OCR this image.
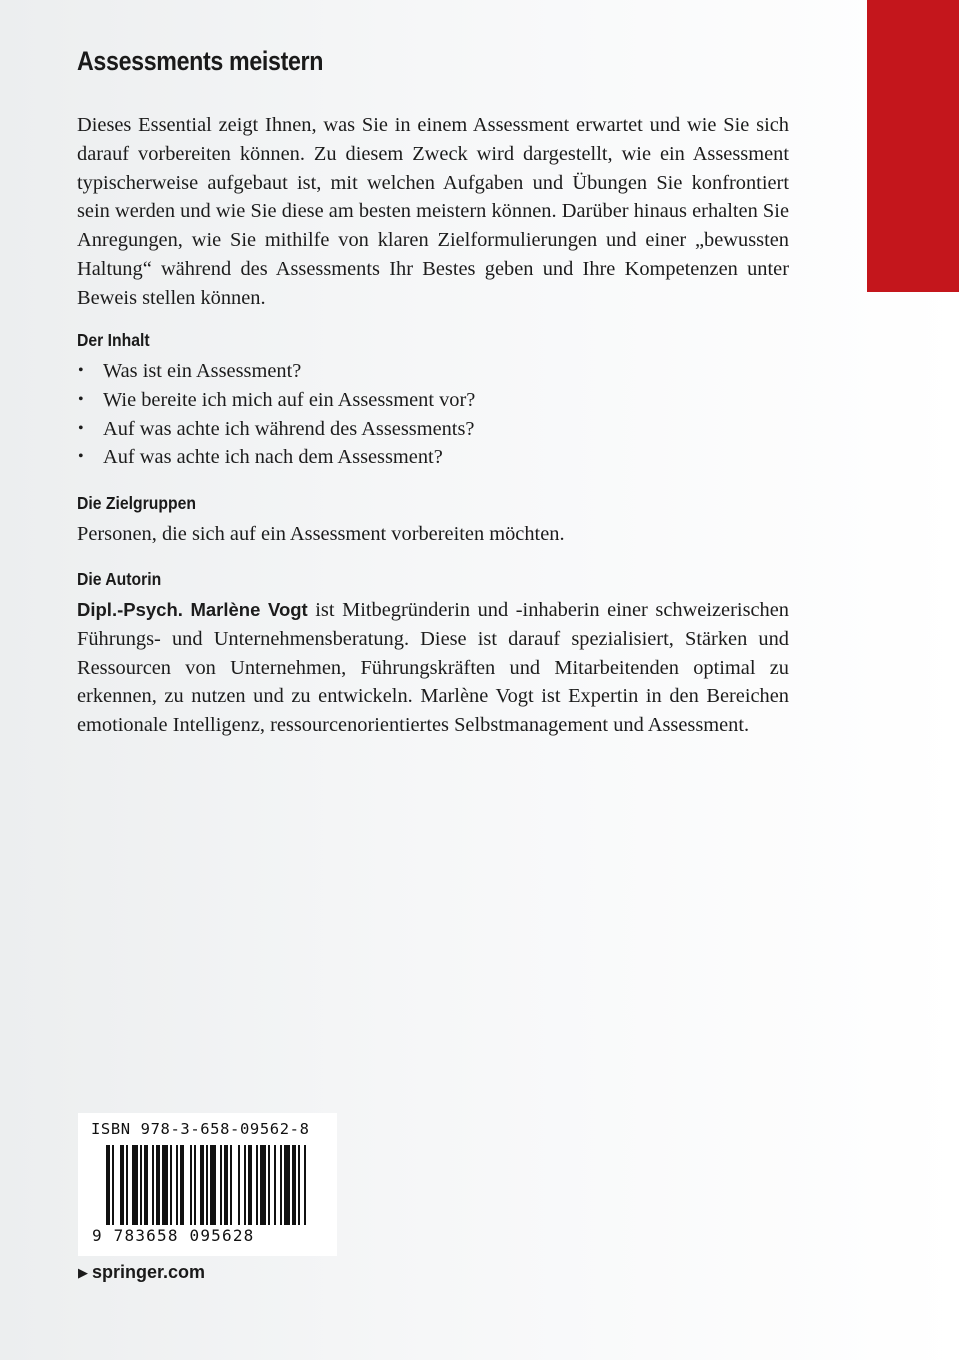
Assessments meistern

Dieses Essential zeigt Ihnen, was Sie in einem Assessment erwartet und wie Sie sich darauf vorbereiten können. Zu diesem Zweck wird dargestellt, wie ein Assessment typischerweise aufgebaut ist, mit welchen Aufgaben und Übungen Sie konfrontiert sein werden und wie Sie diese am besten meistern können. Darüber hinaus erhalten Sie Anregungen, wie Sie mithilfe von klaren Zielformulierungen und einer „bewussten Haltung“ während des Assessments Ihr Bestes geben und Ihre Kompetenzen unter Beweis stellen können.

Der Inhalt
• Was ist ein Assessment?
• Wie bereite ich mich auf ein Assessment vor?
• Auf was achte ich während des Assessments?
• Auf was achte ich nach dem Assessment?
Die Zielgruppen

Personen, die sich auf ein Assessment vorbereiten möchten.

Die Autorin

Dipl.-Psych. Marlène Vogt ist Mitbegründerin und -inhaberin einer schweizerischen Führungs- und Unternehmensberatung. Diese ist darauf spezialisiert, Stärken und Ressourcen von Unternehmen, Führungskräften und Mitarbeitenden optimal zu erkennen, zu nutzen und zu entwickeln. Marlène Vogt ist Expertin in den Bereichen emotionale Intelligenz, ressourcenorientiertes Selbstmanagement und Assessment.

ISBN 978-3-658-09562-8
9 783658 095628
▶ springer.com
